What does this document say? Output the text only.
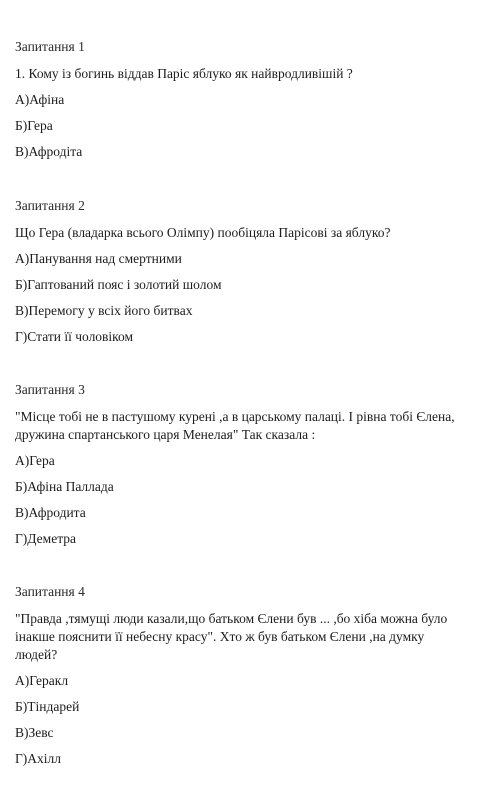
Запитання 1
1. Кому із богинь віддав Паріс яблуко як найвродливішій ?
А)Афіна
Б)Гера
В)Афродіта
Запитання 2
Що Гера (владарка всього Олімпу) пообіцяла Парісові за яблуко?
А)Панування над смертними
Б)Гаптований пояс і золотий шолом
В)Перемогу у всіх його битвах
Г)Стати її чоловіком
Запитання 3
"Місце тобі не в пастушому курені ,а в царському палаці. І рівна тобі Єлена,
дружина спартанського царя Менелая" Так сказала :
А)Гера
Б)Афіна Паллада
В)Афродита
Г)Деметра
Запитання 4
"Правда ,тямущі люди казали,що батьком Єлени був ... ,бо хіба можна було
інакше пояснити її небесну красу". Хто ж був батьком Єлени ,на думку
людей?
А)Геракл
Б)Тіндарей
В)Зевс
Г)Ахілл
